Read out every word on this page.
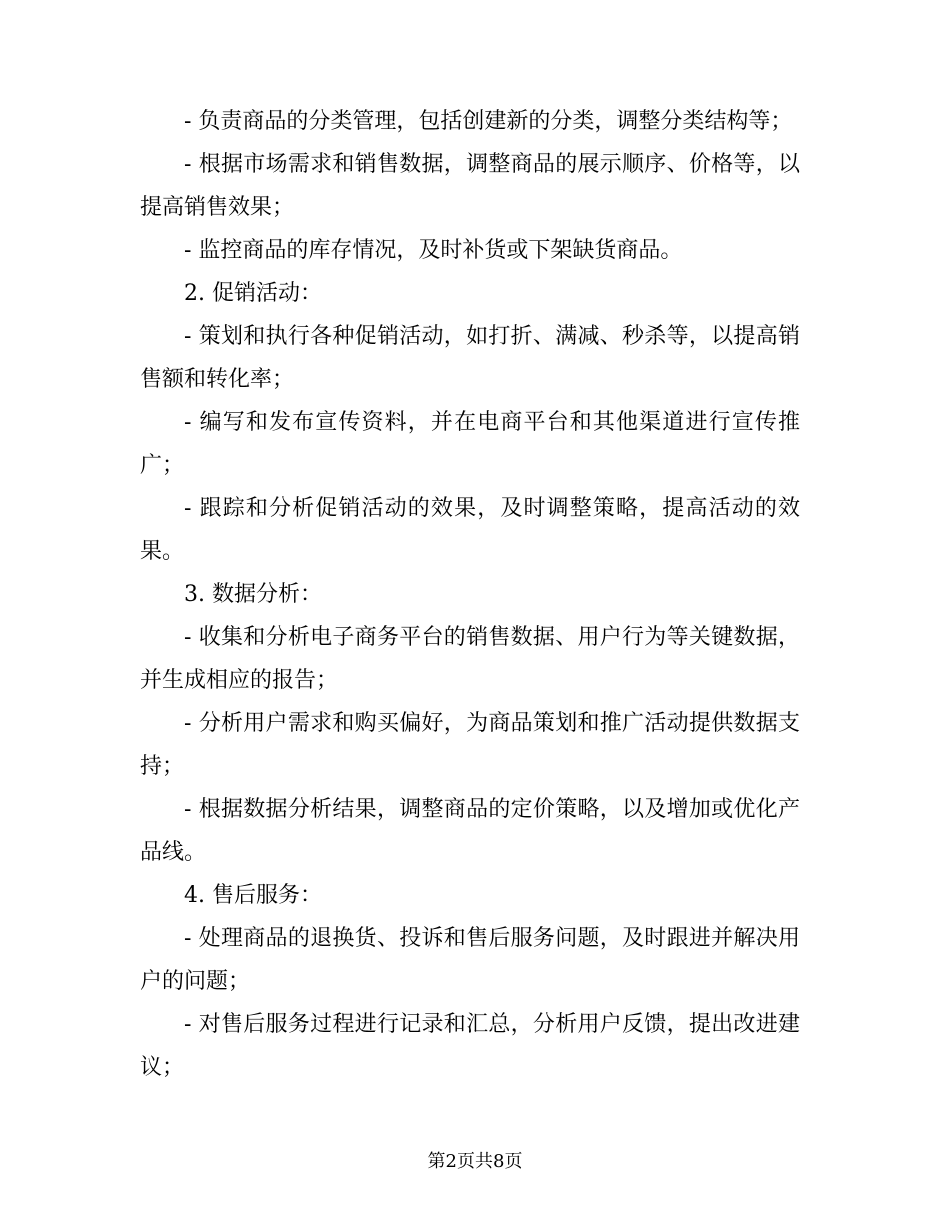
- 负责商品的分类管理，包括创建新的分类，调整分类结构等；

- 根据市场需求和销售数据，调整商品的展示顺序、价格等，以提高销售效果；

- 监控商品的库存情况，及时补货或下架缺货商品。

2. 促销活动：

- 策划和执行各种促销活动，如打折、满减、秒杀等，以提高销售额和转化率；

- 编写和发布宣传资料，并在电商平台和其他渠道进行宣传推广；

- 跟踪和分析促销活动的效果，及时调整策略，提高活动的效果。

3. 数据分析：

- 收集和分析电子商务平台的销售数据、用户行为等关键数据，并生成相应的报告；

- 分析用户需求和购买偏好，为商品策划和推广活动提供数据支持；

- 根据数据分析结果，调整商品的定价策略，以及增加或优化产品线。

4. 售后服务：

- 处理商品的退换货、投诉和售后服务问题，及时跟进并解决用户的问题；

- 对售后服务过程进行记录和汇总，分析用户反馈，提出改进建议；

第2页共8页
